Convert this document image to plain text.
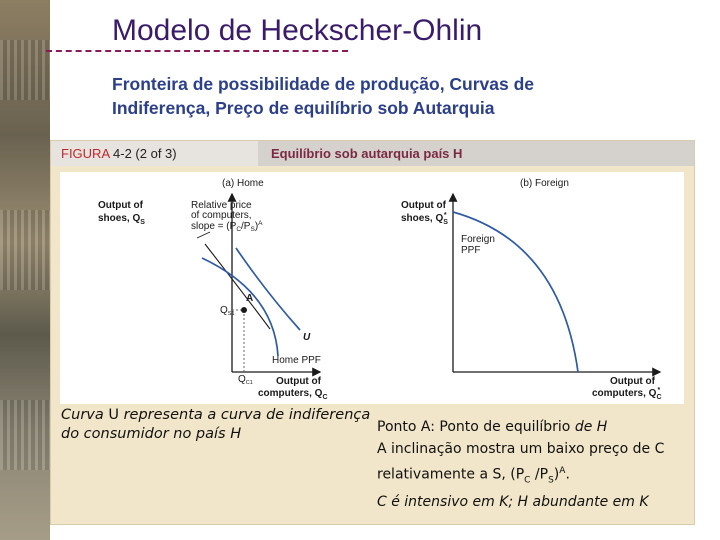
Modelo de Heckscher-Ohlin

Fronteira de possibilidade de produção, Curvas de Indiferença, Preço de equilíbrio sob Autarquia

FIGURA 4-2 (2 of 3)	Equilíbrio sob autarquia país H
(a) Home
Output of
shoes, $Q_S$
Output of
computers, $Q_C$
Relative price
of computers,
slope = $(P_C/P_S)^A$
A
$Q_{S1}$
$Q_{C1}$
U
Home PPF
(b) Foreign
Output of
shoes, $Q_S*$
Output of
computers, $Q_C*$
Foreign
PPF

Curva U representa a curva de indiferença do consumidor no país H	Ponto A: Ponto de equilíbrio de H

A inclinação mostra um baixo preço de C relativamente a S, ($P_C$ $/P_S)^A$.

C é intensivo em K; H abundante em K
